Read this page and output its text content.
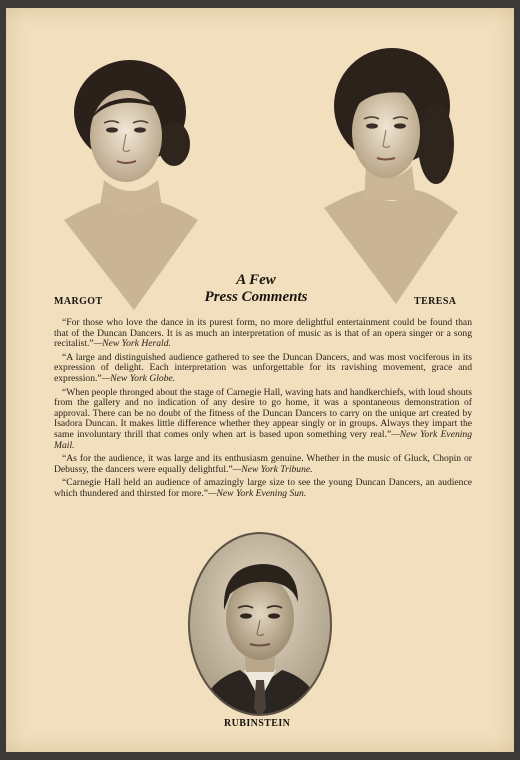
MARGOT	TERESA
A Few
Press Comments

“For those who love the dance in its purest form, no more delightful entertainment could be found than that of the Duncan Dancers. It is as much an interpretation of music as is that of an opera singer or a song recitalist.”—New York Herald.

“A large and distinguished audience gathered to see the Duncan Dancers, and was most vociferous in its expression of delight. Each interpretation was unforgettable for its ravishing movement, grace and expression.”—New York Globe.

“When people thronged about the stage of Carnegie Hall, waving hats and handkerchiefs, with loud shouts from the gallery and no indication of any desire to go home, it was a spontaneous demonstration of approval. There can be no doubt of the fitness of the Duncan Dancers to carry on the unique art created by Isadora Duncan. It makes little difference whether they appear singly or in groups. Always they impart the same involuntary thrill that comes only when art is based upon something very real.”—New York Evening Mail.

“As for the audience, it was large and its enthusiasm genuine. Whether in the music of Gluck, Chopin or Debussy, the dancers were equally delightful.”—New York Tribune.

“Carnegie Hall held an audience of amazingly large size to see the young Duncan Dancers, an audience which thundered and thirsted for more.”—New York Evening Sun.

RUBINSTEIN
